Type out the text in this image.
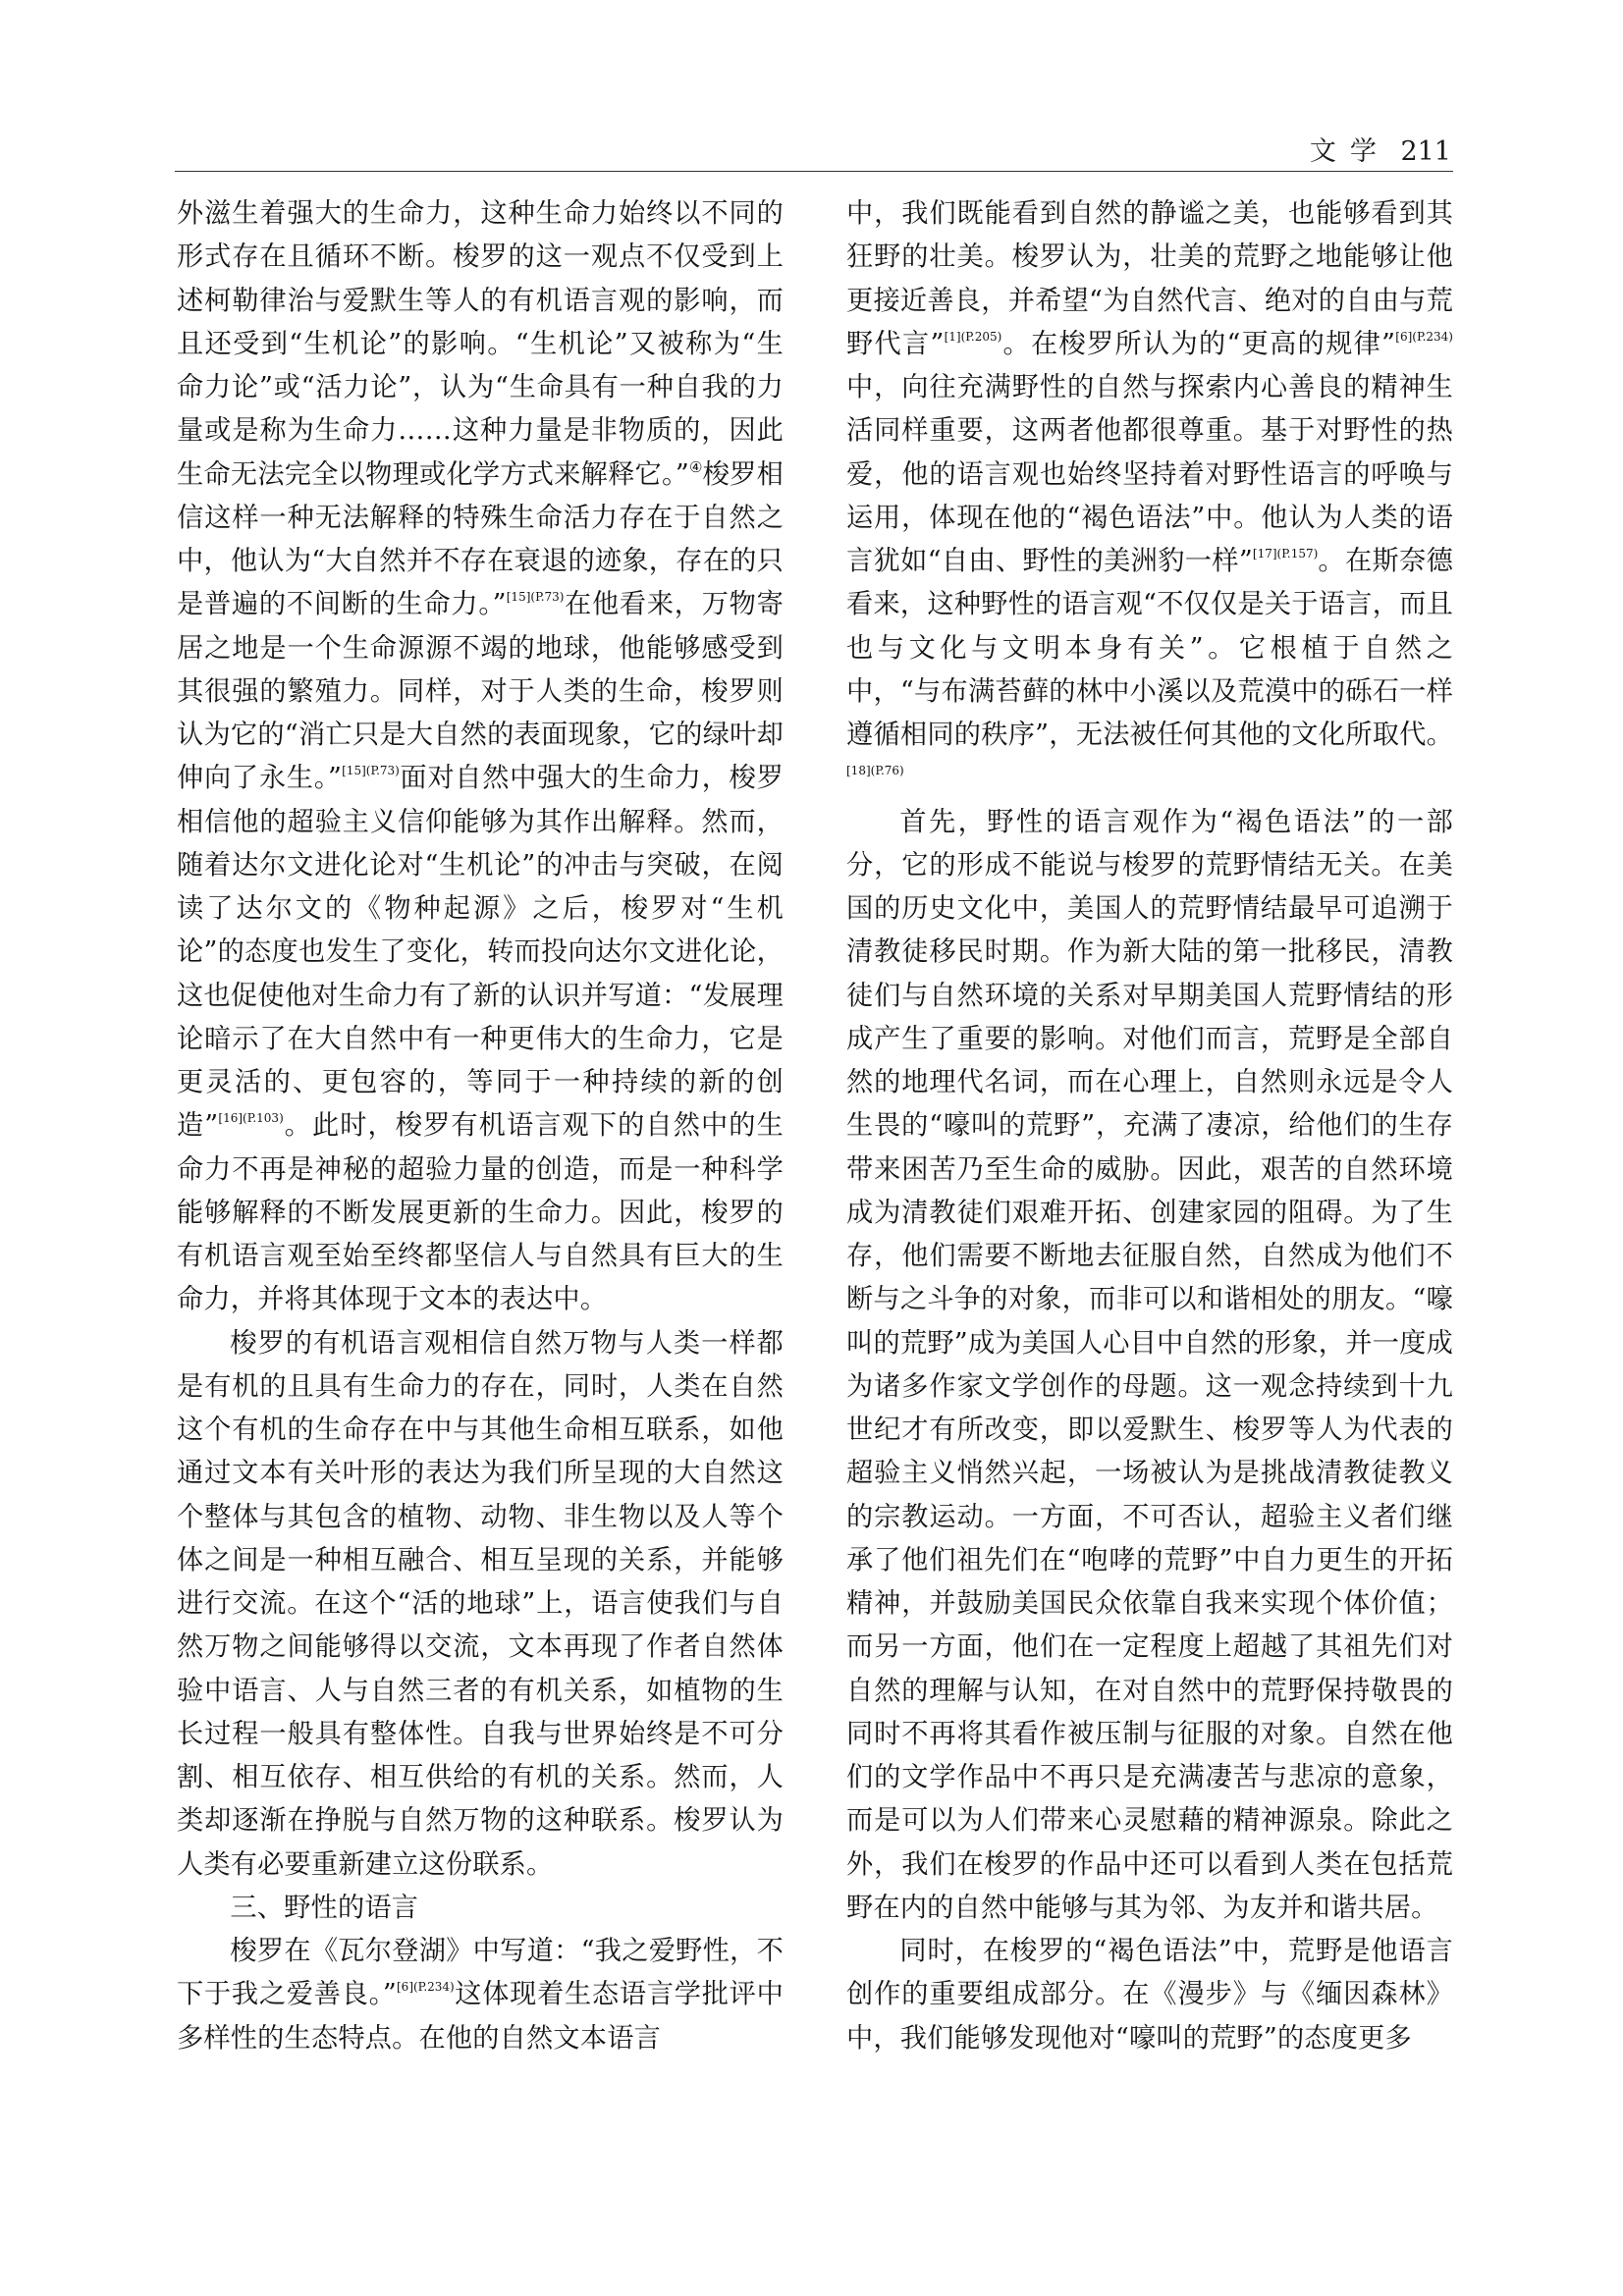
文学 211

外滋生着强大的生命力，这种生命力始终以不同的形式存在且循环不断。梭罗的这一观点不仅受到上述柯勒律治与爱默生等人的有机语言观的影响，而且还受到“生机论”的影响。“生机论”又被称为“生命力论”或“活力论”，认为“生命具有一种自我的力量或是称为生命力……这种力量是非物质的，因此生命无法完全以物理或化学方式来解释它。”④梭罗相信这样一种无法解释的特殊生命活力存在于自然之中，他认为“大自然并不存在衰退的迹象，存在的只是普遍的不间断的生命力。”$^{[15](P.73)}$在他看来，万物寄居之地是一个生命源源不竭的地球，他能够感受到其很强的繁殖力。同样，对于人类的生命，梭罗则认为它的“消亡只是大自然的表面现象，它的绿叶却伸向了永生。”$^{[15](P.73)}$面对自然中强大的生命力，梭罗相信他的超验主义信仰能够为其作出解释。然而，随着达尔文进化论对“生机论”的冲击与突破，在阅读了达尔文的《物种起源》之后，梭罗对“生机论”的态度也发生了变化，转而投向达尔文进化论，这也促使他对生命力有了新的认识并写道：“发展理论暗示了在大自然中有一种更伟大的生命力，它是更灵活的、更包容的，等同于一种持续的新的创造”$^{[16](P.103)}$。此时，梭罗有机语言观下的自然中的生命力不再是神秘的超验力量的创造，而是一种科学能够解释的不断发展更新的生命力。因此，梭罗的有机语言观至始至终都坚信人与自然具有巨大的生命力，并将其体现于文本的表达中。

梭罗的有机语言观相信自然万物与人类一样都是有机的且具有生命力的存在，同时，人类在自然这个有机的生命存在中与其他生命相互联系，如他通过文本有关叶形的表达为我们所呈现的大自然这个整体与其包含的植物、动物、非生物以及人等个体之间是一种相互融合、相互呈现的关系，并能够进行交流。在这个“活的地球”上，语言使我们与自然万物之间能够得以交流，文本再现了作者自然体验中语言、人与自然三者的有机关系，如植物的生长过程一般具有整体性。自我与世界始终是不可分割、相互依存、相互供给的有机的关系。然而，人类却逐渐在挣脱与自然万物的这种联系。梭罗认为人类有必要重新建立这份联系。

三、野性的语言

梭罗在《瓦尔登湖》中写道：“我之爱野性，不下于我之爱善良。”$^{[6](P.234)}$这体现着生态语言学批评中多样性的生态特点。在他的自然文本语言

中，我们既能看到自然的静谧之美，也能够看到其狂野的壮美。梭罗认为，壮美的荒野之地能够让他更接近善良，并希望“为自然代言、绝对的自由与荒野代言”$^{[1](P.205)}$。在梭罗所认为的“更高的规律”$^{[6](P.234)}$中，向往充满野性的自然与探索内心善良的精神生活同样重要，这两者他都很尊重。基于对野性的热爱，他的语言观也始终坚持着对野性语言的呼唤与运用，体现在他的“褐色语法”中。他认为人类的语言犹如“自由、野性的美洲豹一样”$^{[17](P.157)}$。在斯奈德看来，这种野性的语言观“不仅仅是关于语言，而且也与文化与文明本身有关”。它根植于自然之中，“与布满苔藓的林中小溪以及荒漠中的砾石一样遵循相同的秩序”，无法被任何其他的文化所取代。$^{[18](P.76)}$

首先，野性的语言观作为“褐色语法”的一部分，它的形成不能说与梭罗的荒野情结无关。在美国的历史文化中，美国人的荒野情结最早可追溯于清教徒移民时期。作为新大陆的第一批移民，清教徒们与自然环境的关系对早期美国人荒野情结的形成产生了重要的影响。对他们而言，荒野是全部自然的地理代名词，而在心理上，自然则永远是令人生畏的“嚎叫的荒野”，充满了凄凉，给他们的生存带来困苦乃至生命的威胁。因此，艰苦的自然环境成为清教徒们艰难开拓、创建家园的阻碍。为了生存，他们需要不断地去征服自然，自然成为他们不断与之斗争的对象，而非可以和谐相处的朋友。“嚎叫的荒野”成为美国人心目中自然的形象，并一度成为诸多作家文学创作的母题。这一观念持续到十九世纪才有所改变，即以爱默生、梭罗等人为代表的超验主义悄然兴起，一场被认为是挑战清教徒教义的宗教运动。一方面，不可否认，超验主义者们继承了他们祖先们在“咆哮的荒野”中自力更生的开拓精神，并鼓励美国民众依靠自我来实现个体价值；而另一方面，他们在一定程度上超越了其祖先们对自然的理解与认知，在对自然中的荒野保持敬畏的同时不再将其看作被压制与征服的对象。自然在他们的文学作品中不再只是充满凄苦与悲凉的意象，而是可以为人们带来心灵慰藉的精神源泉。除此之外，我们在梭罗的作品中还可以看到人类在包括荒野在内的自然中能够与其为邻、为友并和谐共居。

同时，在梭罗的“褐色语法”中，荒野是他语言创作的重要组成部分。在《漫步》与《缅因森林》中，我们能够发现他对“嚎叫的荒野”的态度更多
